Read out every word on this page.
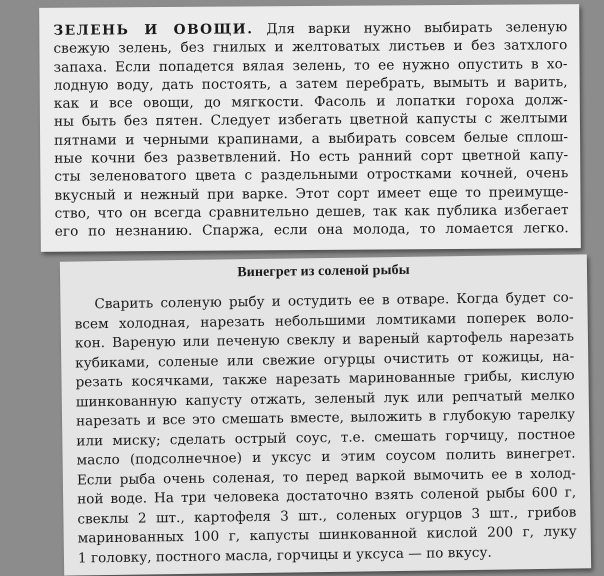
ЗЕЛЕНЬ И ОВОЩИ. Для варки нужно выбирать зеленую
свежую зелень, без гнилых и желтоватых листьев и без затхлого
запаха. Если попадется вялая зелень, то ее нужно опустить в хо-
лодную воду, дать постоять, а затем перебрать, вымыть и варить,
как и все овощи, до мягкости. Фасоль и лопатки гороха долж-
ны быть без пятен. Следует избегать цветной капусты с желтыми
пятнами и черными крапинами, а выбирать совсем белые сплош-
ные кочни без разветвлений. Но есть ранний сорт цветной капу-
сты зеленоватого цвета с раздельными отростками кочней, очень
вкусный и нежный при варке. Этот сорт имеет еще то преимуще-
ство, что он всегда сравнительно дешев, так как публика избегает
его по незнанию. Спаржа, если она молода, то ломается легко.
Винегрет из соленой рыбы
Сварить соленую рыбу и остудить ее в отваре. Когда будет со-
всем холодная, нарезать небольшими ломтиками поперек воло-
кон. Вареную или печеную свеклу и вареный картофель нарезать
кубиками, соленые или свежие огурцы очистить от кожицы, на-
резать косячками, также нарезать маринованные грибы, кислую
шинкованную капусту отжать, зеленый лук или репчатый мелко
нарезать и все это смешать вместе, выложить в глубокую тарелку
или миску; сделать острый соус, т.е. смешать горчицу, постное
масло (подсолнечное) и уксус и этим соусом полить винегрет.
Если рыба очень соленая, то перед варкой вымочить ее в холод-
ной воде. На три человека достаточно взять соленой рыбы 600 г,
свеклы 2 шт., картофеля 3 шт., соленых огурцов 3 шт., грибов
маринованных 100 г, капусты шинкованной кислой 200 г, луку
1 головку, постного масла, горчицы и уксуса — по вкусу.
